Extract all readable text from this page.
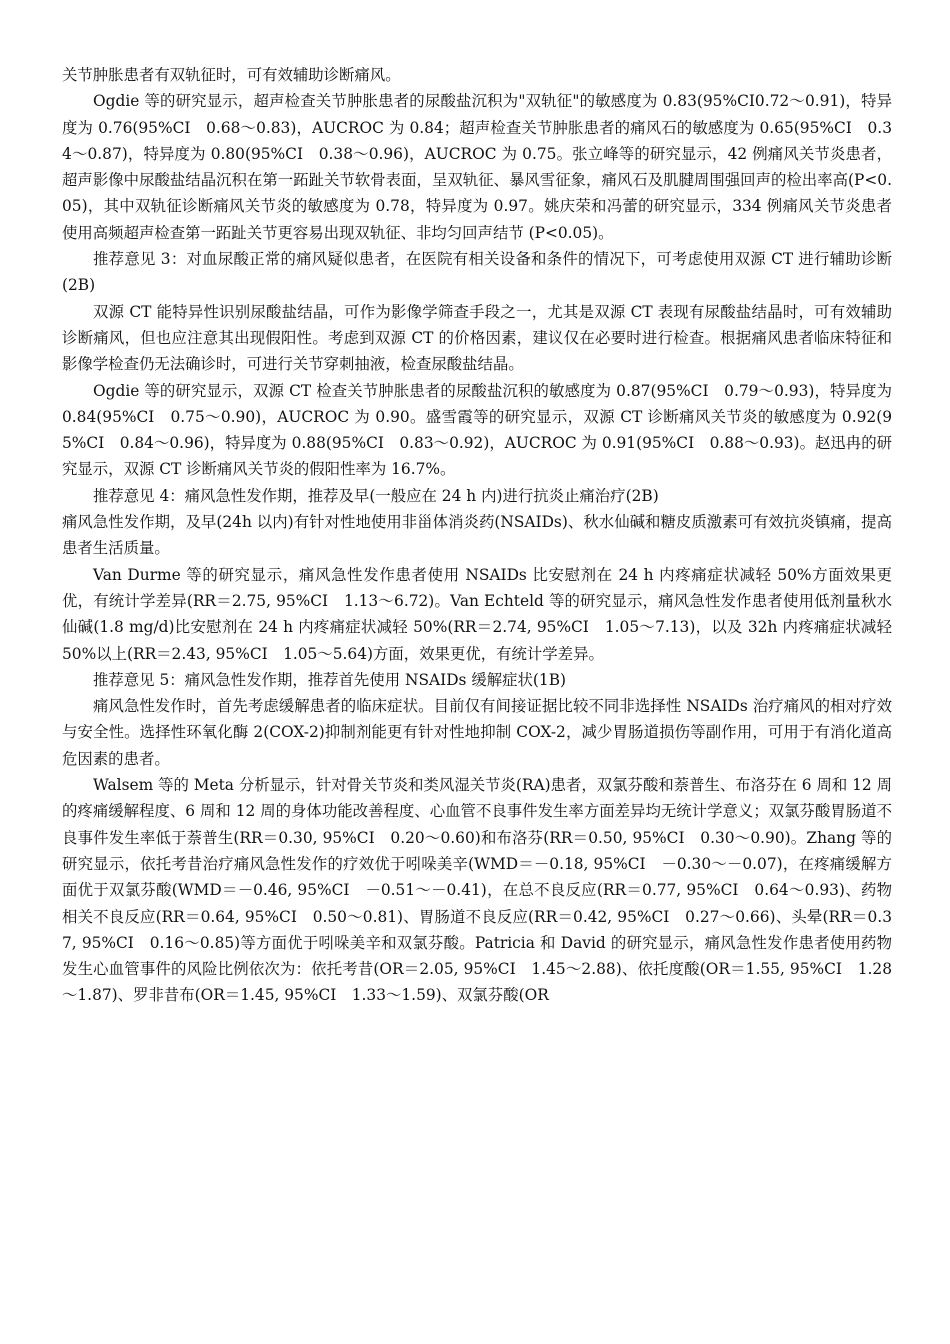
关节肿胀患者有双轨征时，可有效辅助诊断痛风。

Ogdie 等的研究显示，超声检查关节肿胀患者的尿酸盐沉积为"双轨征"的敏感度为 0.83(95%CI0.72～0.91)，特异度为 0.76(95%CI　0.68～0.83)，AUCROC 为 0.84；超声检查关节肿胀患者的痛风石的敏感度为 0.65(95%CI　0.34～0.87)，特异度为 0.80(95%CI　0.38～0.96)，AUCROC 为 0.75。张立峰等的研究显示，42 例痛风关节炎患者，超声影像中尿酸盐结晶沉积在第一跖趾关节软骨表面，呈双轨征、暴风雪征象，痛风石及肌腱周围强回声的检出率高(P<0.05)，其中双轨征诊断痛风关节炎的敏感度为 0.78，特异度为 0.97。姚庆荣和冯蕾的研究显示，334 例痛风关节炎患者使用高频超声检查第一跖趾关节更容易出现双轨征、非均匀回声结节 (P<0.05)。

推荐意见 3：对血尿酸正常的痛风疑似患者，在医院有相关设备和条件的情况下，可考虑使用双源 CT 进行辅助诊断(2B)

双源 CT 能特异性识别尿酸盐结晶，可作为影像学筛查手段之一，尤其是双源 CT 表现有尿酸盐结晶时，可有效辅助诊断痛风，但也应注意其出现假阳性。考虑到双源 CT 的价格因素，建议仅在必要时进行检查。根据痛风患者临床特征和影像学检查仍无法确诊时，可进行关节穿刺抽液，检查尿酸盐结晶。

Ogdie 等的研究显示，双源 CT 检查关节肿胀患者的尿酸盐沉积的敏感度为 0.87(95%CI　0.79～0.93)，特异度为 0.84(95%CI　0.75～0.90)，AUCROC 为 0.90。盛雪霞等的研究显示，双源 CT 诊断痛风关节炎的敏感度为 0.92(95%CI　0.84～0.96)，特异度为 0.88(95%CI　0.83～0.92)，AUCROC 为 0.91(95%CI　0.88～0.93)。赵迅冉的研究显示，双源 CT 诊断痛风关节炎的假阳性率为 16.7%。

推荐意见 4：痛风急性发作期，推荐及早(一般应在 24 h 内)进行抗炎止痛治疗(2B)

痛风急性发作期，及早(24h 以内)有针对性地使用非甾体消炎药(NSAIDs)、秋水仙碱和糖皮质激素可有效抗炎镇痛，提高患者生活质量。

Van Durme 等的研究显示，痛风急性发作患者使用 NSAIDs 比安慰剂在 24 h 内疼痛症状减轻 50%方面效果更优，有统计学差异(RR＝2.75, 95%CI　1.13～6.72)。Van Echteld 等的研究显示，痛风急性发作患者使用低剂量秋水仙碱(1.8 mg/d)比安慰剂在 24 h 内疼痛症状减轻 50%(RR＝2.74, 95%CI　1.05～7.13)，以及 32h 内疼痛症状减轻 50%以上(RR＝2.43, 95%CI　1.05～5.64)方面，效果更优，有统计学差异。

推荐意见 5：痛风急性发作期，推荐首先使用 NSAIDs 缓解症状(1B)

痛风急性发作时，首先考虑缓解患者的临床症状。目前仅有间接证据比较不同非选择性 NSAIDs 治疗痛风的相对疗效与安全性。选择性环氧化酶 2(COX-2)抑制剂能更有针对性地抑制 COX-2，减少胃肠道损伤等副作用，可用于有消化道高危因素的患者。

Walsem 等的 Meta 分析显示，针对骨关节炎和类风湿关节炎(RA)患者，双氯芬酸和萘普生、布洛芬在 6 周和 12 周的疼痛缓解程度、6 周和 12 周的身体功能改善程度、心血管不良事件发生率方面差异均无统计学意义；双氯芬酸胃肠道不良事件发生率低于萘普生(RR＝0.30, 95%CI　0.20～0.60)和布洛芬(RR＝0.50, 95%CI　0.30～0.90)。Zhang 等的研究显示，依托考昔治疗痛风急性发作的疗效优于吲哚美辛(WMD＝－0.18, 95%CI　－0.30～－0.07)，在疼痛缓解方面优于双氯芬酸(WMD＝－0.46, 95%CI　－0.51～－0.41)，在总不良反应(RR＝0.77, 95%CI　0.64～0.93)、药物相关不良反应(RR＝0.64, 95%CI　0.50～0.81)、胃肠道不良反应(RR＝0.42, 95%CI　0.27～0.66)、头晕(RR＝0.37, 95%CI　0.16～0.85)等方面优于吲哚美辛和双氯芬酸。Patricia 和 David 的研究显示，痛风急性发作患者使用药物发生心血管事件的风险比例依次为：依托考昔(OR＝2.05, 95%CI　1.45～2.88)、依托度酸(OR＝1.55, 95%CI　1.28～1.87)、罗非昔布(OR＝1.45, 95%CI　1.33～1.59)、双氯芬酸(OR
